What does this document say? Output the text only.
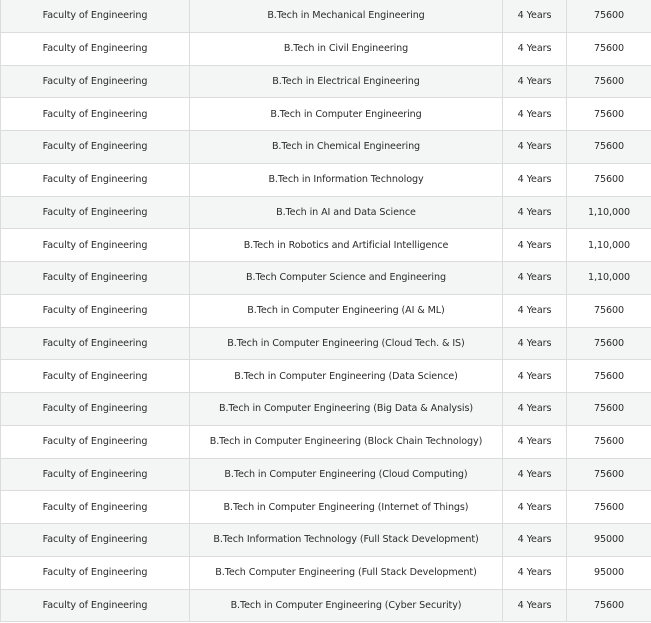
Faculty of Engineering	B.Tech in Mechanical Engineering	4 Years	75600
Faculty of Engineering	B.Tech in Civil Engineering	4 Years	75600
Faculty of Engineering	B.Tech in Electrical Engineering	4 Years	75600
Faculty of Engineering	B.Tech in Computer Engineering	4 Years	75600
Faculty of Engineering	B.Tech in Chemical Engineering	4 Years	75600
Faculty of Engineering	B.Tech in Information Technology	4 Years	75600
Faculty of Engineering	B.Tech in AI and Data Science	4 Years	1,10,000
Faculty of Engineering	B.Tech in Robotics and Artificial Intelligence	4 Years	1,10,000
Faculty of Engineering	B.Tech Computer Science and Engineering	4 Years	1,10,000
Faculty of Engineering	B.Tech in Computer Engineering (AI & ML)	4 Years	75600
Faculty of Engineering	B.Tech in Computer Engineering (Cloud Tech. & IS)	4 Years	75600
Faculty of Engineering	B.Tech in Computer Engineering (Data Science)	4 Years	75600
Faculty of Engineering	B.Tech in Computer Engineering (Big Data & Analysis)	4 Years	75600
Faculty of Engineering	B.Tech in Computer Engineering (Block Chain Technology)	4 Years	75600
Faculty of Engineering	B.Tech in Computer Engineering (Cloud Computing)	4 Years	75600
Faculty of Engineering	B.Tech in Computer Engineering (Internet of Things)	4 Years	75600
Faculty of Engineering	B.Tech Information Technology (Full Stack Development)	4 Years	95000
Faculty of Engineering	B.Tech Computer Engineering (Full Stack Development)	4 Years	95000
Faculty of Engineering	B.Tech in Computer Engineering (Cyber Security)	4 Years	75600
